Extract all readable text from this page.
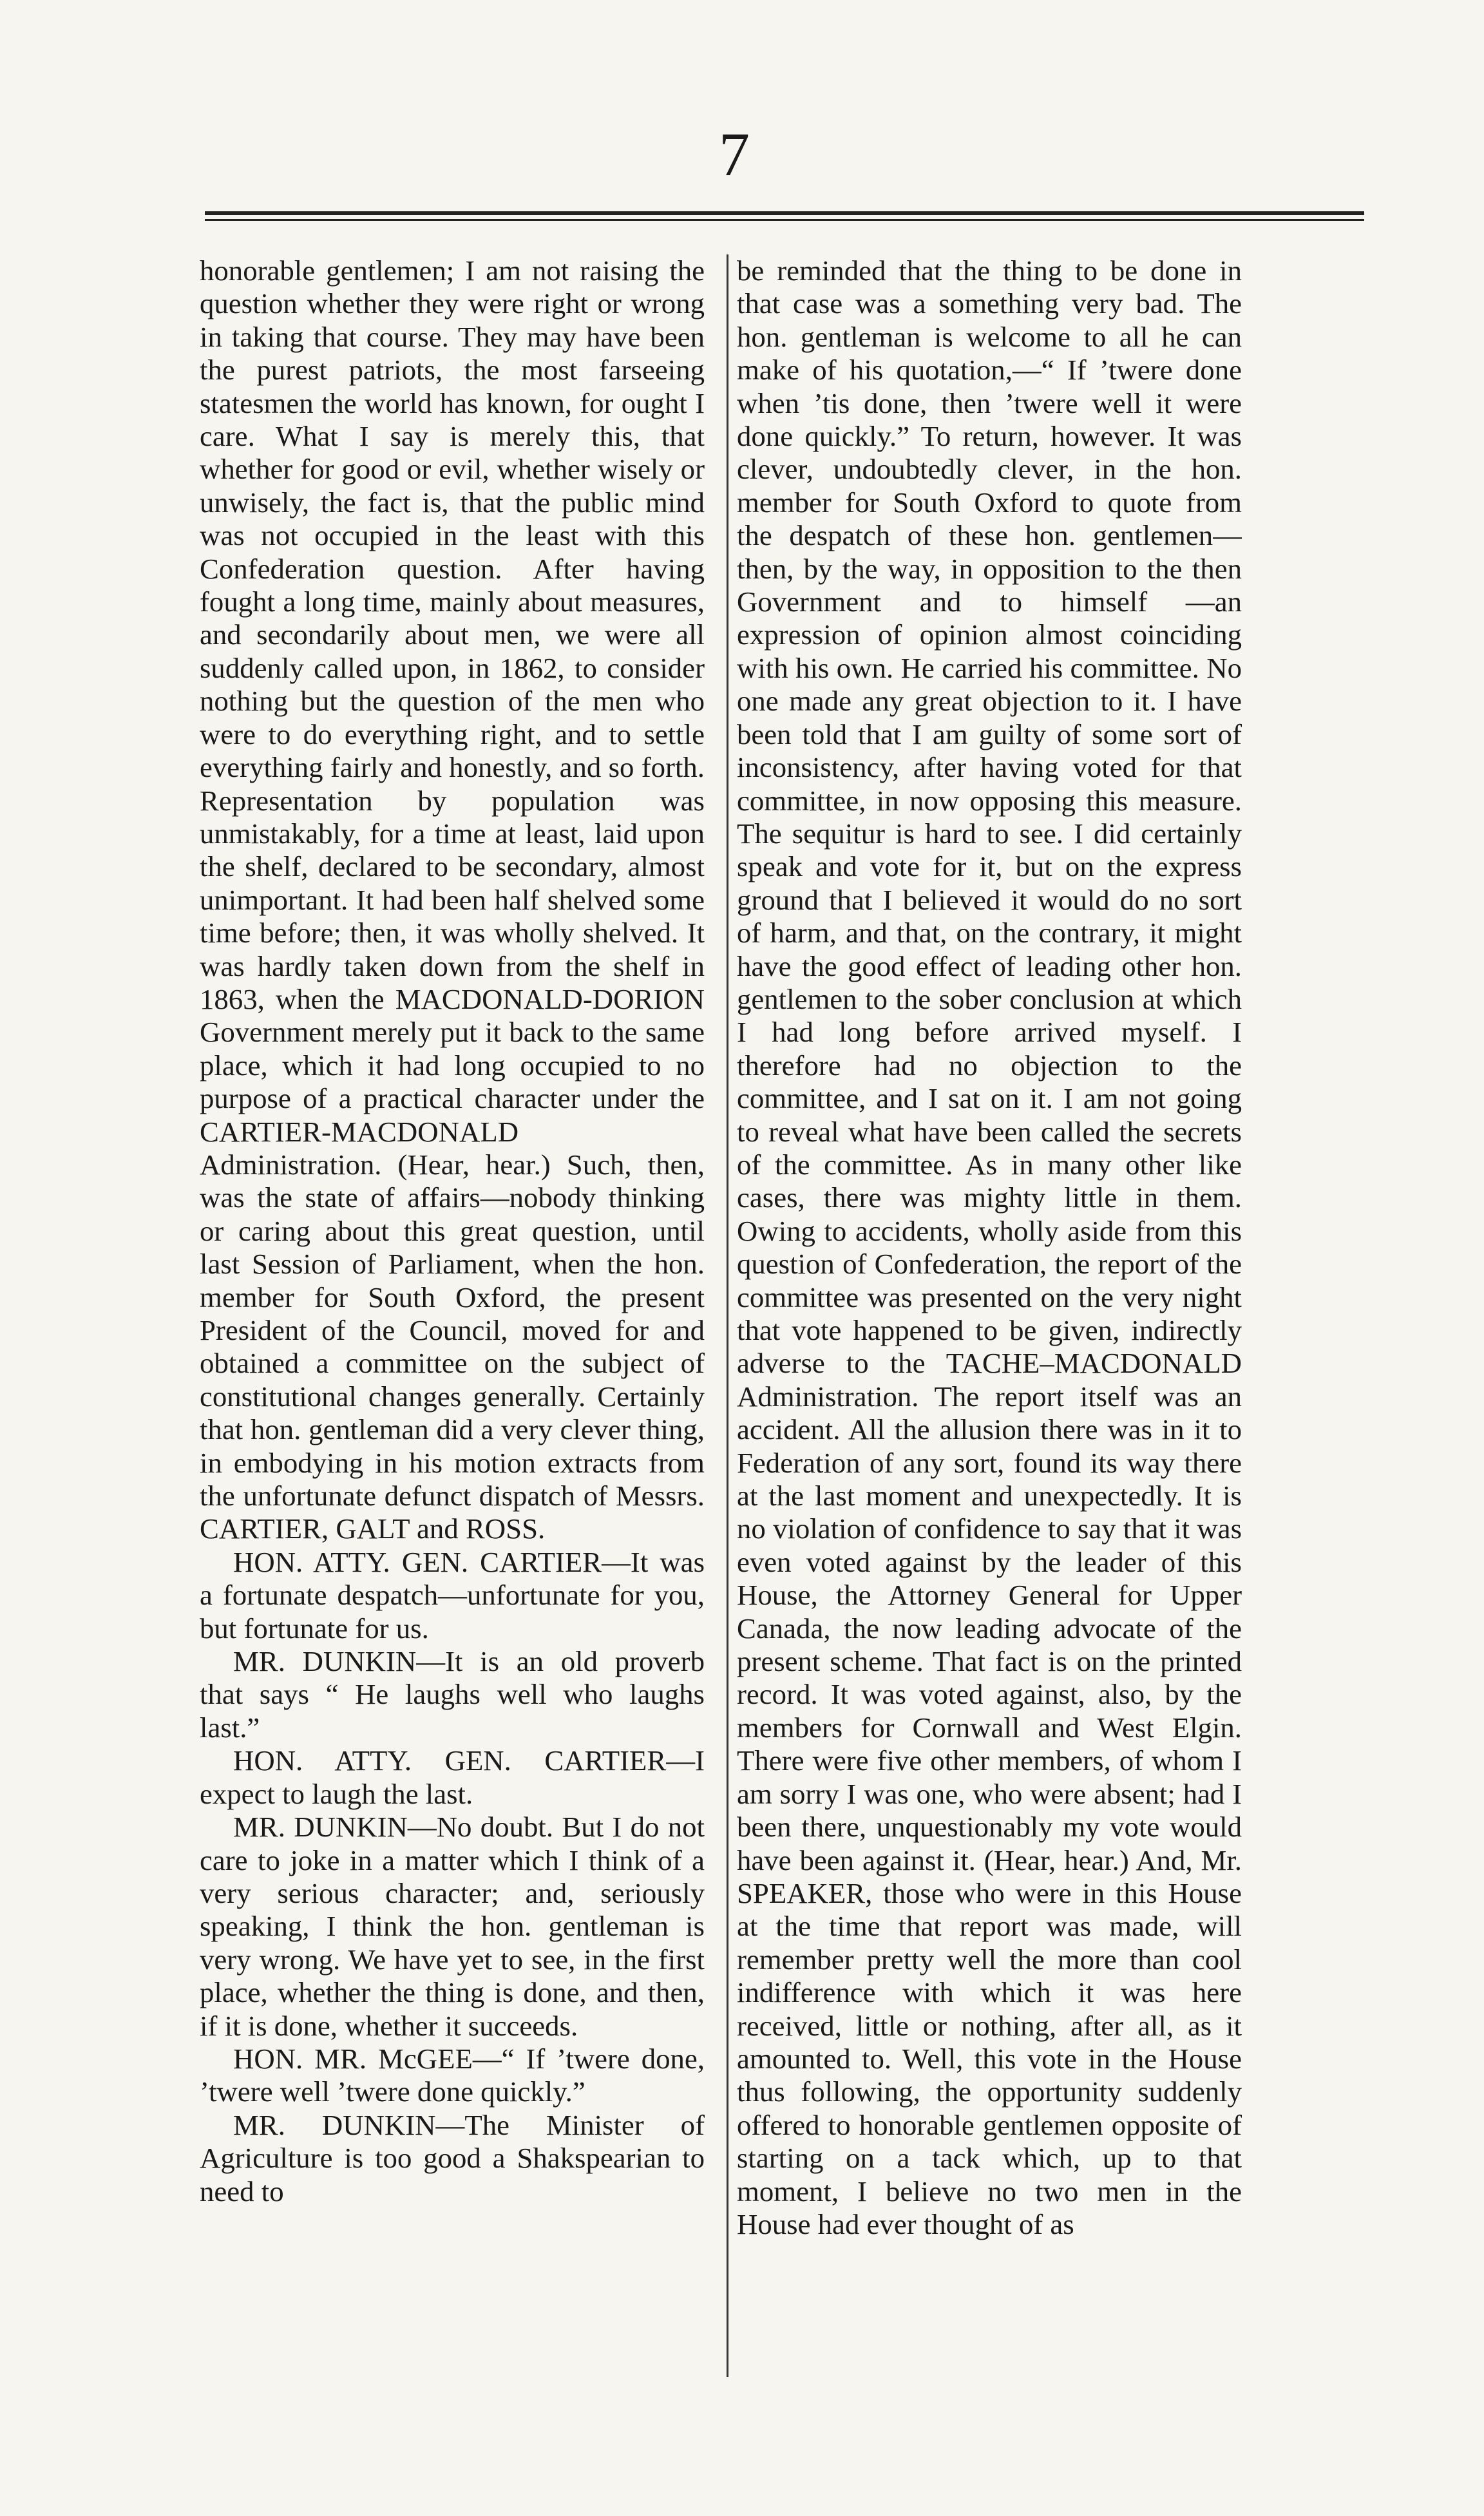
7

honorable gentlemen; I am not raising the question whether they were right or wrong in taking that course. They may have been the purest patriots, the most farseeing statesmen the world has known, for ought I care. What I say is merely this, that whether for good or evil, whether wisely or unwisely, the fact is, that the public mind was not occupied in the least with this Confederation question. After having fought a long time, mainly about measures, and secondarily about men, we were all suddenly called upon, in 1862, to consider nothing but the question of the men who were to do everything right, and to settle everything fairly and honestly, and so forth. Representation by population was unmistakably, for a time at least, laid upon the shelf, declared to be secondary, almost unimportant. It had been half shelved some time before; then, it was wholly shelved. It was hardly taken down from the shelf in 1863, when the MACDONALD-DORION Government merely put it back to the same place, which it had long occupied to no purpose of a practical character under the CARTIER-MACDONALD Administration. (Hear, hear.) Such, then, was the state of affairs—nobody thinking or caring about this great question, until last Session of Parliament, when the hon. member for South Oxford, the present President of the Council, moved for and obtained a committee on the subject of constitutional changes generally. Certainly that hon. gentleman did a very clever thing, in embodying in his motion extracts from the unfortunate defunct dispatch of Messrs. CARTIER, GALT and ROSS.

HON. ATTY. GEN. CARTIER—It was a fortunate despatch—unfortunate for you, but fortunate for us.

MR. DUNKIN—It is an old proverb that says “ He laughs well who laughs last.”

HON. ATTY. GEN. CARTIER—I expect to laugh the last.

MR. DUNKIN—No doubt. But I do not care to joke in a matter which I think of a very serious character; and, seriously speaking, I think the hon. gentleman is very wrong. We have yet to see, in the first place, whether the thing is done, and then, if it is done, whether it succeeds.

HON. MR. McGEE—“ If ’twere done, ’twere well ’twere done quickly.”

MR. DUNKIN—The Minister of Agriculture is too good a Shakspearian to need to

be reminded that the thing to be done in that case was a something very bad. The hon. gentleman is welcome to all he can make of his quotation,—“ If ’twere done when ’tis done, then ’twere well it were done quickly.” To return, however. It was clever, undoubtedly clever, in the hon. member for South Oxford to quote from the despatch of these hon. gentlemen—then, by the way, in opposition to the then Government and to himself —an expression of opinion almost coinciding with his own. He carried his committee. No one made any great objection to it. I have been told that I am guilty of some sort of inconsistency, after having voted for that committee, in now opposing this measure. The sequitur is hard to see. I did certainly speak and vote for it, but on the express ground that I believed it would do no sort of harm, and that, on the contrary, it might have the good effect of leading other hon. gentlemen to the sober conclusion at which I had long before arrived myself. I therefore had no objection to the committee, and I sat on it. I am not going to reveal what have been called the secrets of the committee. As in many other like cases, there was mighty little in them. Owing to accidents, wholly aside from this question of Confederation, the report of the committee was presented on the very night that vote happened to be given, indirectly adverse to the TACHE–MACDONALD Administration. The report itself was an accident. All the allusion there was in it to Federation of any sort, found its way there at the last moment and unexpectedly. It is no violation of confidence to say that it was even voted against by the leader of this House, the Attorney General for Upper Canada, the now leading advocate of the present scheme. That fact is on the printed record. It was voted against, also, by the members for Cornwall and West Elgin. There were five other members, of whom I am sorry I was one, who were absent; had I been there, unquestionably my vote would have been against it. (Hear, hear.) And, Mr. SPEAKER, those who were in this House at the time that report was made, will remember pretty well the more than cool indifference with which it was here received, little or nothing, after all, as it amounted to. Well, this vote in the House thus following, the opportunity suddenly offered to honorable gentlemen opposite of starting on a tack which, up to that moment, I believe no two men in the House had ever thought of as
